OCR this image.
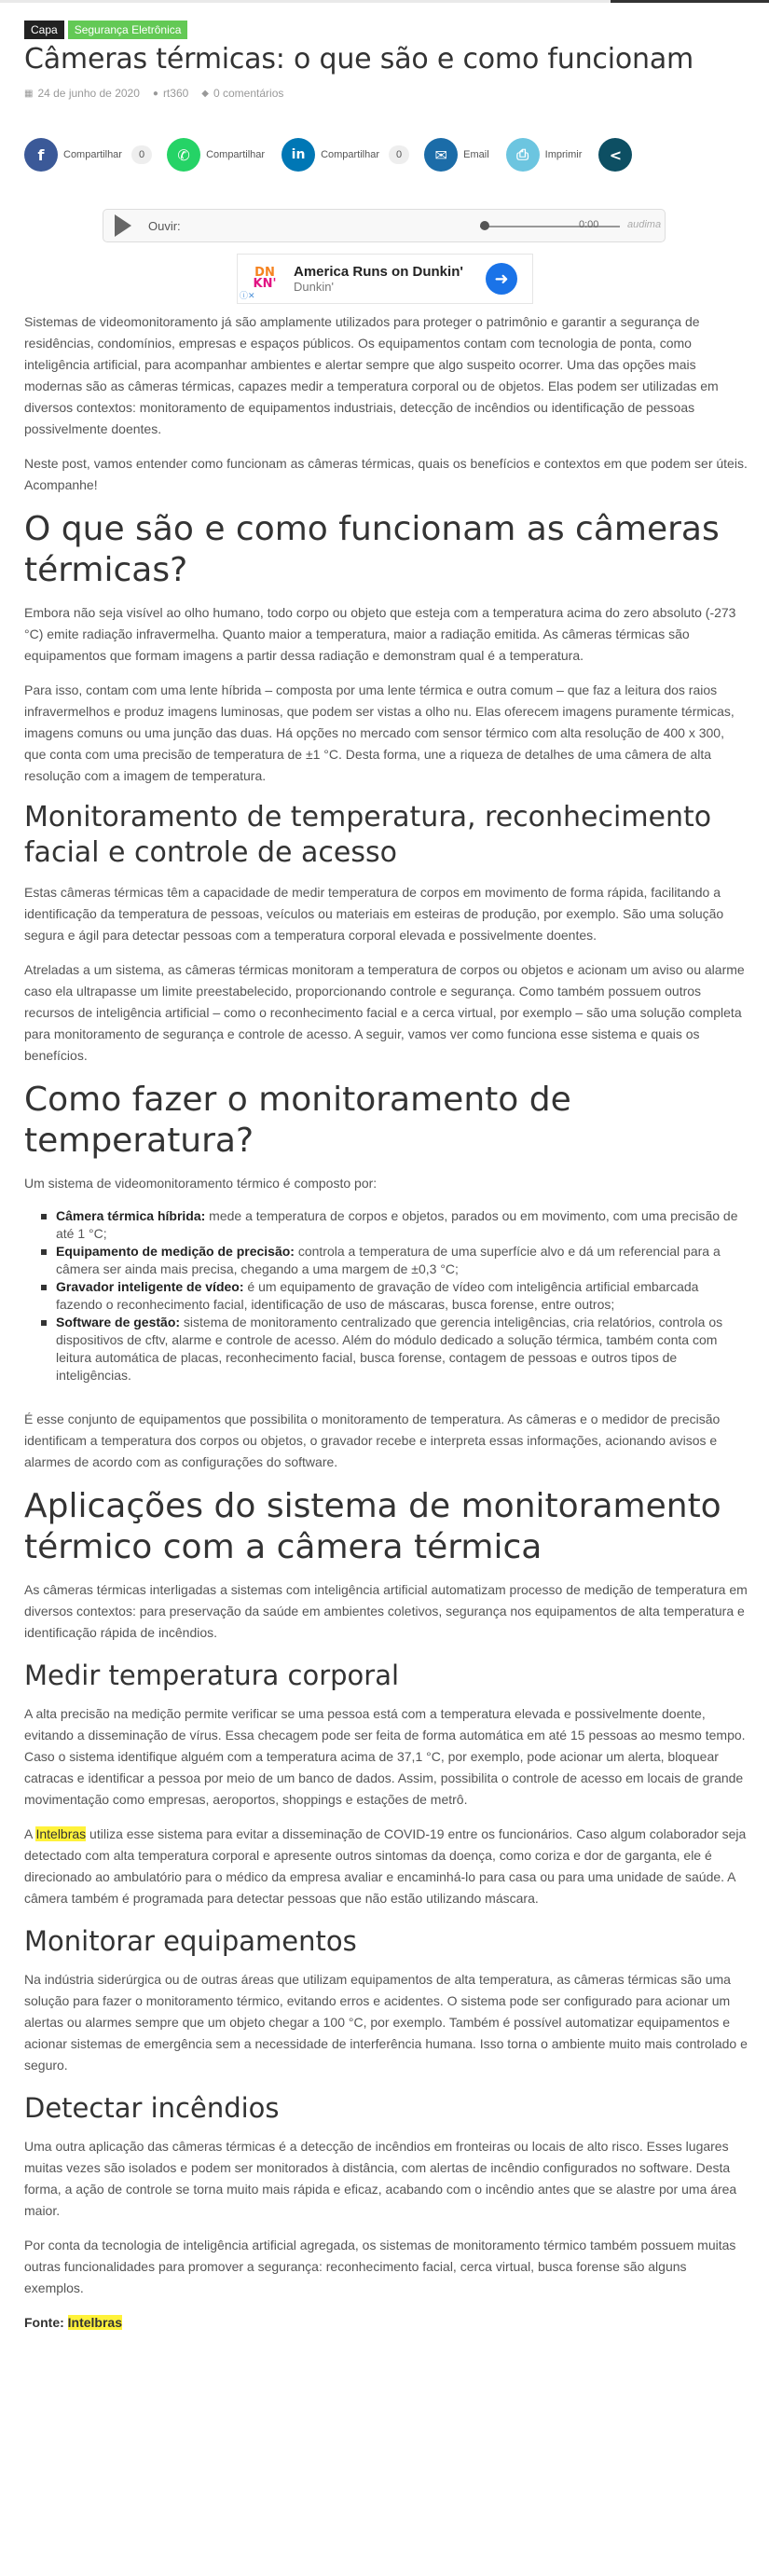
Capa	Segurança Eletrônica
Câmeras térmicas: o que são e como funcionam
▦ 24 de junho de 2020 ● rt360 ◆ 0 comentários
f	Compartilhar	0	✆	Compartilhar	in	Compartilhar	0	✉	Email	⎙	Imprimir	<
Ouvir:	0:00	audima
DN
KN'
America Runs on Dunkin'
Dunkin'	➜
ⓘ✕

Sistemas de videomonitoramento já são amplamente utilizados para proteger o patrimônio e garantir a segurança de residências, condomínios, empresas e espaços públicos. Os equipamentos contam com tecnologia de ponta, como inteligência artificial, para acompanhar ambientes e alertar sempre que algo suspeito ocorrer. Uma das opções mais modernas são as câmeras térmicas, capazes medir a temperatura corporal ou de objetos. Elas podem ser utilizadas em diversos contextos: monitoramento de equipamentos industriais, detecção de incêndios ou identificação de pessoas possivelmente doentes.

Neste post, vamos entender como funcionam as câmeras térmicas, quais os benefícios e contextos em que podem ser úteis. Acompanhe!

O que são e como funcionam as câmeras térmicas?

Embora não seja visível ao olho humano, todo corpo ou objeto que esteja com a temperatura acima do zero absoluto (-273 °C) emite radiação infravermelha. Quanto maior a temperatura, maior a radiação emitida. As câmeras térmicas são equipamentos que formam imagens a partir dessa radiação e demonstram qual é a temperatura.

Para isso, contam com uma lente híbrida – composta por uma lente térmica e outra comum – que faz a leitura dos raios infravermelhos e produz imagens luminosas, que podem ser vistas a olho nu. Elas oferecem imagens puramente térmicas, imagens comuns ou uma junção das duas. Há opções no mercado com sensor térmico com alta resolução de 400 x 300, que conta com uma precisão de temperatura de ±1 °C. Desta forma, une a riqueza de detalhes de uma câmera de alta resolução com a imagem de temperatura.

Monitoramento de temperatura, reconhecimento facial e controle de acesso

Estas câmeras térmicas têm a capacidade de medir temperatura de corpos em movimento de forma rápida, facilitando a identificação da temperatura de pessoas, veículos ou materiais em esteiras de produção, por exemplo. São uma solução segura e ágil para detectar pessoas com a temperatura corporal elevada e possivelmente doentes.

Atreladas a um sistema, as câmeras térmicas monitoram a temperatura de corpos ou objetos e acionam um aviso ou alarme caso ela ultrapasse um limite preestabelecido, proporcionando controle e segurança. Como também possuem outros recursos de inteligência artificial – como o reconhecimento facial e a cerca virtual, por exemplo – são uma solução completa para monitoramento de segurança e controle de acesso. A seguir, vamos ver como funciona esse sistema e quais os benefícios.

Como fazer o monitoramento de temperatura?

Um sistema de videomonitoramento térmico é composto por:

Câmera térmica híbrida: mede a temperatura de corpos e objetos, parados ou em movimento, com uma precisão de até 1 °C;
Equipamento de medição de precisão: controla a temperatura de uma superfície alvo e dá um referencial para a câmera ser ainda mais precisa, chegando a uma margem de ±0,3 °C;
Gravador inteligente de vídeo: é um equipamento de gravação de vídeo com inteligência artificial embarcada fazendo o reconhecimento facial, identificação de uso de máscaras, busca forense, entre outros;
Software de gestão: sistema de monitoramento centralizado que gerencia inteligências, cria relatórios, controla os dispositivos de cftv, alarme e controle de acesso. Além do módulo dedicado a solução térmica, também conta com leitura automática de placas, reconhecimento facial, busca forense, contagem de pessoas e outros tipos de inteligências.

É esse conjunto de equipamentos que possibilita o monitoramento de temperatura. As câmeras e o medidor de precisão identificam a temperatura dos corpos ou objetos, o gravador recebe e interpreta essas informações, acionando avisos e alarmes de acordo com as configurações do software.

Aplicações do sistema de monitoramento térmico com a câmera térmica

As câmeras térmicas interligadas a sistemas com inteligência artificial automatizam processo de medição de temperatura em diversos contextos: para preservação da saúde em ambientes coletivos, segurança nos equipamentos de alta temperatura e identificação rápida de incêndios.

Medir temperatura corporal

A alta precisão na medição permite verificar se uma pessoa está com a temperatura elevada e possivelmente doente, evitando a disseminação de vírus. Essa checagem pode ser feita de forma automática em até 15 pessoas ao mesmo tempo. Caso o sistema identifique alguém com a temperatura acima de 37,1 °C, por exemplo, pode acionar um alerta, bloquear catracas e identificar a pessoa por meio de um banco de dados. Assim, possibilita o controle de acesso em locais de grande movimentação como empresas, aeroportos, shoppings e estações de metrô.

A Intelbras utiliza esse sistema para evitar a disseminação de COVID-19 entre os funcionários. Caso algum colaborador seja detectado com alta temperatura corporal e apresente outros sintomas da doença, como coriza e dor de garganta, ele é direcionado ao ambulatório para o médico da empresa avaliar e encaminhá-lo para casa ou para uma unidade de saúde. A câmera também é programada para detectar pessoas que não estão utilizando máscara.

Monitorar equipamentos

Na indústria siderúrgica ou de outras áreas que utilizam equipamentos de alta temperatura, as câmeras térmicas são uma solução para fazer o monitoramento térmico, evitando erros e acidentes. O sistema pode ser configurado para acionar um alertas ou alarmes sempre que um objeto chegar a 100 °C, por exemplo. Também é possível automatizar equipamentos e acionar sistemas de emergência sem a necessidade de interferência humana. Isso torna o ambiente muito mais controlado e seguro.

Detectar incêndios

Uma outra aplicação das câmeras térmicas é a detecção de incêndios em fronteiras ou locais de alto risco. Esses lugares muitas vezes são isolados e podem ser monitorados à distância, com alertas de incêndio configurados no software. Desta forma, a ação de controle se torna muito mais rápida e eficaz, acabando com o incêndio antes que se alastre por uma área maior.

Por conta da tecnologia de inteligência artificial agregada, os sistemas de monitoramento térmico também possuem muitas outras funcionalidades para promover a segurança: reconhecimento facial, cerca virtual, busca forense são alguns exemplos.

Fonte: Intelbras
